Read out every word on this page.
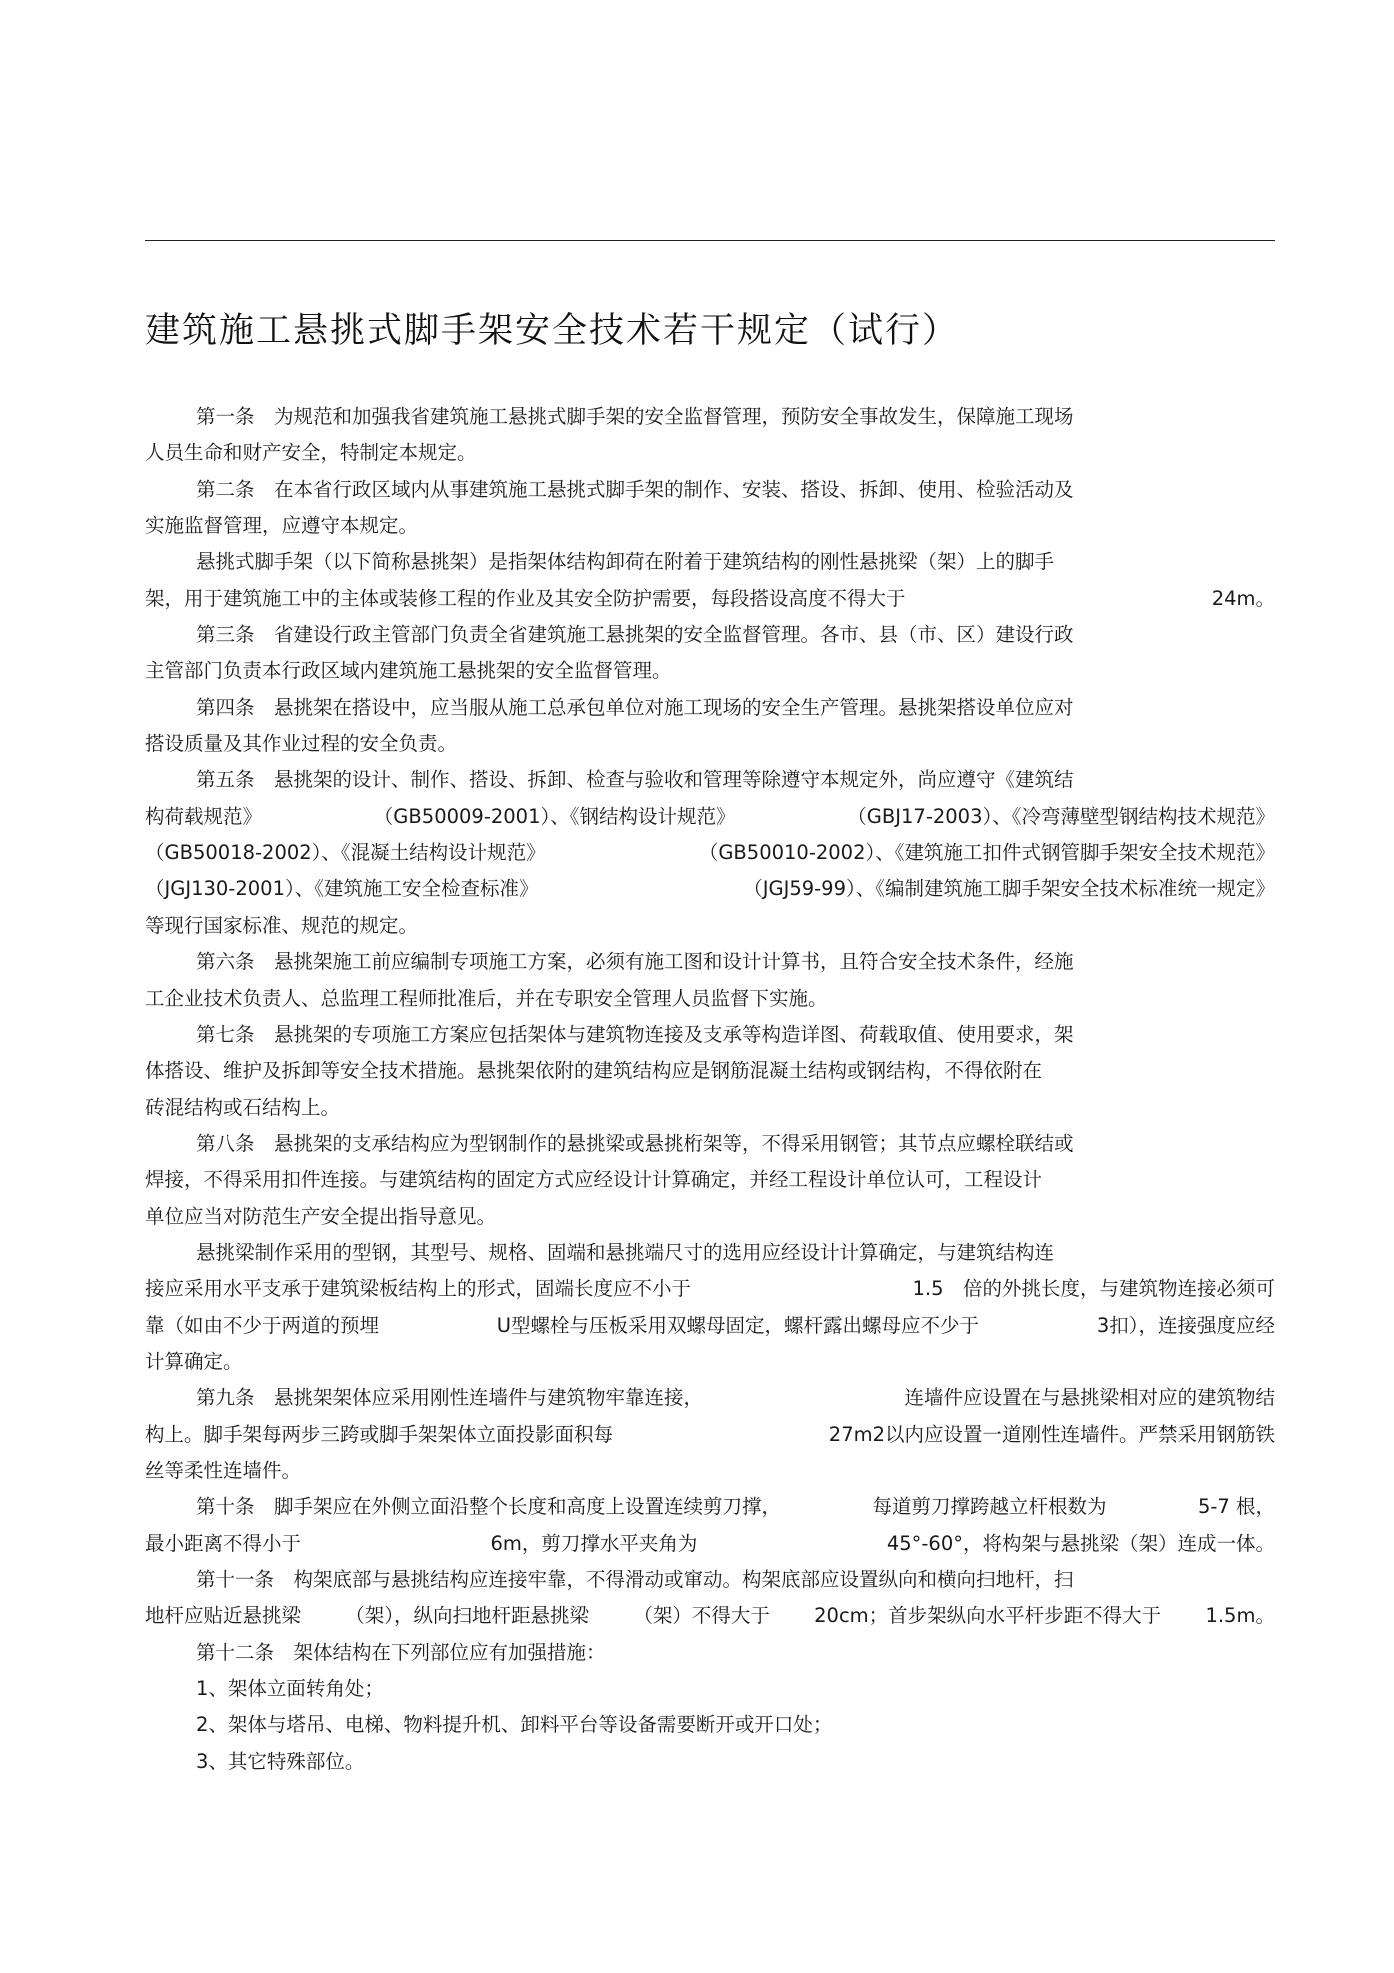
建筑施工悬挑式脚手架安全技术若干规定（试行）
第一条　为规范和加强我省建筑施工悬挑式脚手架的安全监督管理，预防安全事故发生，保障施工现场
人员生命和财产安全，特制定本规定。
第二条　在本省行政区域内从事建筑施工悬挑式脚手架的制作、安装、搭设、拆卸、使用、检验活动及
实施监督管理，应遵守本规定。
悬挑式脚手架（以下简称悬挑架）是指架体结构卸荷在附着于建筑结构的刚性悬挑梁（架）上的脚手
架，用于建筑施工中的主体或装修工程的作业及其安全防护需要，每段搭设高度不得大于	24m。
第三条　省建设行政主管部门负责全省建筑施工悬挑架的安全监督管理。各市、县（市、区）建设行政
主管部门负责本行政区域内建筑施工悬挑架的安全监督管理。
第四条　悬挑架在搭设中，应当服从施工总承包单位对施工现场的安全生产管理。悬挑架搭设单位应对
搭设质量及其作业过程的安全负责。
第五条　悬挑架的设计、制作、搭设、拆卸、检查与验收和管理等除遵守本规定外，尚应遵守《建筑结
构荷载规范》	（GB50009-2001）、《钢结构设计规范》	（GBJ17-2003）、《冷弯薄壁型钢结构技术规范》
（GB50018-2002）、《混凝土结构设计规范》	（GB50010-2002）、《建筑施工扣件式钢管脚手架安全技术规范》
（JGJ130-2001）、《建筑施工安全检查标准》	（JGJ59-99）、《编制建筑施工脚手架安全技术标准统一规定》
等现行国家标准、规范的规定。
第六条　悬挑架施工前应编制专项施工方案，必须有施工图和设计计算书，且符合安全技术条件，经施
工企业技术负责人、总监理工程师批准后，并在专职安全管理人员监督下实施。
第七条　悬挑架的专项施工方案应包括架体与建筑物连接及支承等构造详图、荷载取值、使用要求，架
体搭设、维护及拆卸等安全技术措施。悬挑架依附的建筑结构应是钢筋混凝土结构或钢结构，不得依附在
砖混结构或石结构上。
第八条　悬挑架的支承结构应为型钢制作的悬挑梁或悬挑桁架等，不得采用钢管；其节点应螺栓联结或
焊接，不得采用扣件连接。与建筑结构的固定方式应经设计计算确定，并经工程设计单位认可，工程设计
单位应当对防范生产安全提出指导意见。
悬挑梁制作采用的型钢，其型号、规格、固端和悬挑端尺寸的选用应经设计计算确定，与建筑结构连
接应采用水平支承于建筑梁板结构上的形式，固端长度应不小于	1.5　倍的外挑长度，与建筑物连接必须可
靠（如由不少于两道的预埋	U型螺栓与压板采用双螺母固定，螺杆露出螺母应不少于	3扣），连接强度应经
计算确定。
第九条　悬挑架架体应采用刚性连墙件与建筑物牢靠连接，	连墙件应设置在与悬挑梁相对应的建筑物结
构上。脚手架每两步三跨或脚手架架体立面投影面积每	27m2以内应设置一道刚性连墙件。严禁采用钢筋铁
丝等柔性连墙件。
第十条　脚手架应在外侧立面沿整个长度和高度上设置连续剪刀撑，	每道剪刀撑跨越立杆根数为	5-7 根，
最小距离不得小于	6m，剪刀撑水平夹角为	45°-60°，将构架与悬挑梁（架）连成一体。
第十一条　构架底部与悬挑结构应连接牢靠，不得滑动或窜动。构架底部应设置纵向和横向扫地杆，扫
地杆应贴近悬挑梁 （架），纵向扫地杆距悬挑梁 （架）不得大于 20cm；首步架纵向水平杆步距不得大于 1.5m。
第十二条　架体结构在下列部位应有加强措施：
1、架体立面转角处；
2、架体与塔吊、电梯、物料提升机、卸料平台等设备需要断开或开口处；
3、其它特殊部位。
